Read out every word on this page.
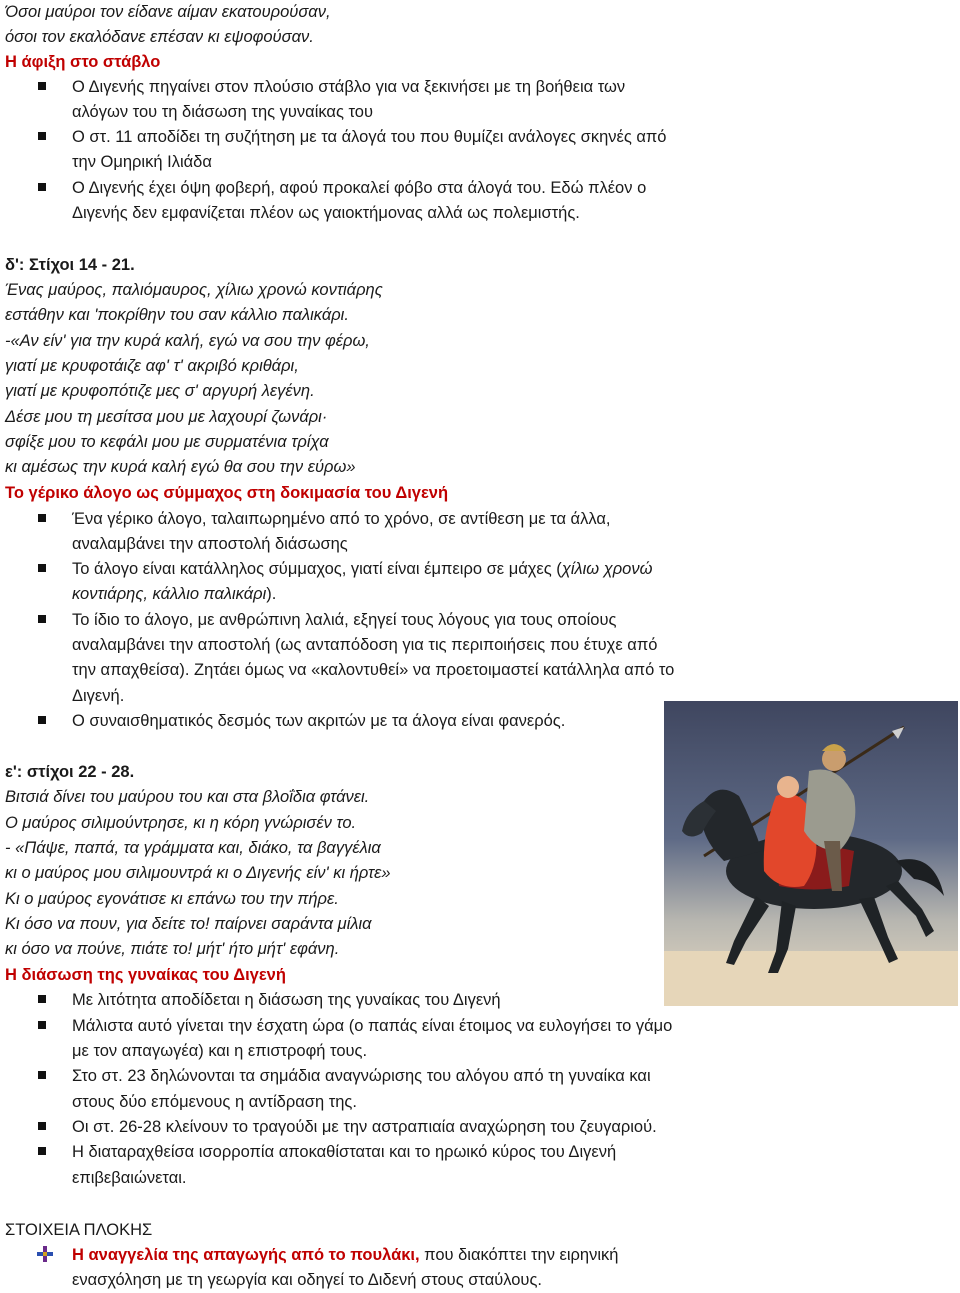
Όσοι μαύροι τον είδανε αίμαν εκατουρούσαν,
όσοι τον εκαλόδανε επέσαν κι εψοφούσαν.
Η άφιξη στο στάβλο
Ο Διγενής πηγαίνει στον πλούσιο στάβλο για να ξεκινήσει με τη βοήθεια των
αλόγων του τη διάσωση της γυναίκας του
Ο στ. 11 αποδίδει τη συζήτηση με τα άλογά του που θυμίζει ανάλογες σκηνές από
την Ομηρική Ιλιάδα
Ο Διγενής έχει όψη φοβερή, αφού προκαλεί φόβο στα άλογά του. Εδώ πλέον ο
Διγενής δεν εμφανίζεται πλέον ως γαιοκτήμονας αλλά ως πολεμιστής.
δ': Στίχοι 14 - 21.
Ένας μαύρος, παλιόμαυρος, χίλιω χρονώ κοντιάρης
εστάθην και 'ποκρίθην του σαν κάλλιο παλικάρι.
-«Αν είν' για την κυρά καλή, εγώ να σου την φέρω,
γιατί με κρυφοτάιζε αφ' τ' ακριβό κριθάρι,
γιατί με κρυφοπότιζε μες σ' αργυρή λεγένη.
Δέσε μου τη μεσίτσα μου με λαχουρί ζωνάρι·
σφίξε μου το κεφάλι μου με συρματένια τρίχα
κι αμέσως την κυρά καλή εγώ θα σου την εύρω»
Το γέρικο άλογο ως σύμμαχος στη δοκιμασία του Διγενή
Ένα γέρικο άλογο, ταλαιπωρημένο από το χρόνο, σε αντίθεση με τα άλλα,
αναλαμβάνει την αποστολή διάσωσης
Το άλογο είναι κατάλληλος σύμμαχος, γιατί είναι έμπειρο σε μάχες (χίλιω χρονώ
κοντιάρης, κάλλιο παλικάρι).
Το ίδιο το άλογο, με ανθρώπινη λαλιά, εξηγεί τους λόγους για τους οποίους
αναλαμβάνει την αποστολή (ως ανταπόδοση για τις περιποιήσεις που έτυχε από
την απαχθείσα). Ζητάει όμως να «καλοντυθεί» να προετοιμαστεί κατάλληλα από το
Διγενή.
Ο συναισθηματικός δεσμός των ακριτών με τα άλογα είναι φανερός.
ε': στίχοι 22 - 28.
Βιτσιά δίνει του μαύρου του και στα βλοΐδια φτάνει.
Ο μαύρος σιλιμούντρησε, κι η κόρη γνώρισέν το.
- «Πάψε, παπά, τα γράμματα και, διάκο, τα βαγγέλια
κι ο μαύρος μου σιλιμουντρά κι ο Διγενής είν' κι ήρτε»
Κι ο μαύρος εγονάτισε κι επάνω του την πήρε.
Κι όσο να πουν, για δείτε το! παίρνει σαράντα μίλια
κι όσο να πούνε, πιάτε το! μήτ' ήτο μήτ' εφάνη.
Η διάσωση της γυναίκας του Διγενή
Με λιτότητα αποδίδεται η διάσωση της γυναίκας του Διγενή
Μάλιστα αυτό γίνεται την έσχατη ώρα (ο παπάς είναι έτοιμος να ευλογήσει το γάμο
με τον απαγωγέα) και η επιστροφή τους.
Στο στ. 23 δηλώνονται τα σημάδια αναγνώρισης του αλόγου από τη γυναίκα και
στους δύο επόμενους η αντίδραση της.
Οι στ. 26-28 κλείνουν το τραγούδι με την αστραπιαία αναχώρηση του ζευγαριού.
Η διαταραχθείσα ισορροπία αποκαθίσταται και το ηρωικό κύρος του Διγενή
επιβεβαιώνεται.
ΣΤΟΙΧΕΙΑ ΠΛΟΚΗΣ
Η αναγγελία της απαγωγής από το πουλάκι, που διακόπτει την ειρηνική
ενασχόληση με τη γεωργία και οδηγεί το Διδενή στους σταύλους.
